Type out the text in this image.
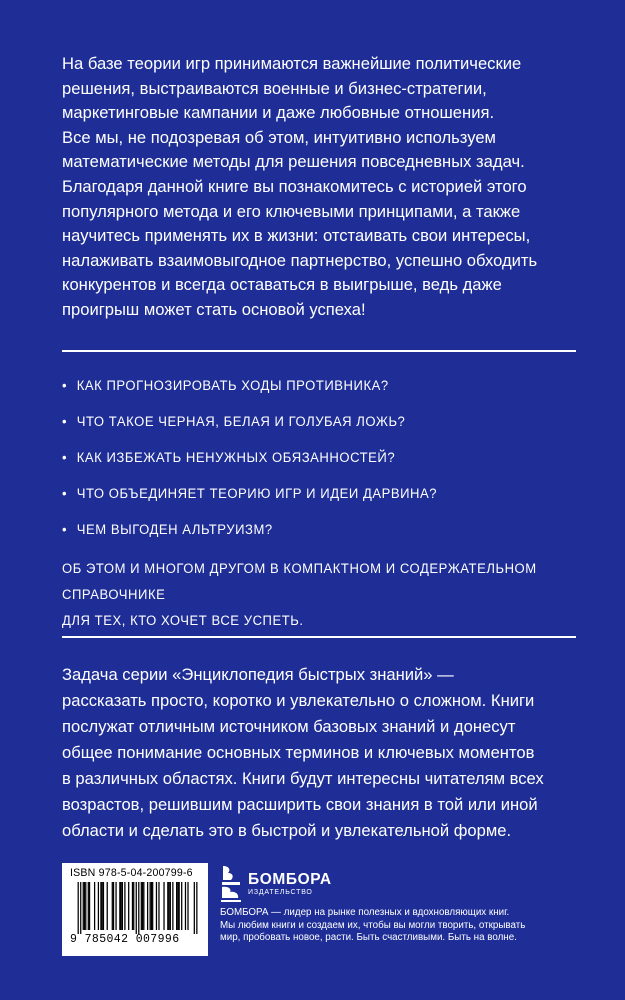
На базе теории игр принимаются важнейшие политические

решения, выстраиваются военные и бизнес-стратегии,

маркетинговые кампании и даже любовные отношения.

Все мы, не подозревая об этом, интуитивно используем

математические методы для решения повседневных задач.

Благодаря данной книге вы познакомитесь с историей этого

популярного метода и его ключевыми принципами, а также

научитесь применять их в жизни: отстаивать свои интересы,

налаживать взаимовыгодное партнерство, успешно обходить

конкурентов и всегда оставаться в выигрыше, ведь даже

проигрыш может стать основой успеха!

• КАК ПРОГНОЗИРОВАТЬ ХОДЫ ПРОТИВНИКА?
• ЧТО ТАКОЕ ЧЕРНАЯ, БЕЛАЯ И ГОЛУБАЯ ЛОЖЬ?
• КАК ИЗБЕЖАТЬ НЕНУЖНЫХ ОБЯЗАННОСТЕЙ?
• ЧТО ОБЪЕДИНЯЕТ ТЕОРИЮ ИГР И ИДЕИ ДАРВИНА?
• ЧЕМ ВЫГОДЕН АЛЬТРУИЗМ?
ОБ ЭТОМ И МНОГОМ ДРУГОМ В КОМПАКТНОМ И СОДЕРЖАТЕЛЬНОМ СПРАВОЧНИКЕ
ДЛЯ ТЕХ, КТО ХОЧЕТ ВСЕ УСПЕТЬ.

Задача серии «Энциклопедия быстрых знаний» —

рассказать просто, коротко и увлекательно о сложном. Книги

послужат отличным источником базовых знаний и донесут

общее понимание основных терминов и ключевых моментов

в различных областях. Книги будут интересны читателям всех

возрастов, решившим расширить свои знания в той или иной

области и сделать это в быстрой и увлекательной форме.

ISBN 978-5-04-200799-6
9 785042 007996
БОМБОРА
ИЗДАТЕЛЬСТВО
БОМБОРА — лидер на рынке полезных и вдохновляющих книг.
Мы любим книги и создаем их, чтобы вы могли творить, открывать
мир, пробовать новое, расти. Быть счастливыми. Быть на волне.
